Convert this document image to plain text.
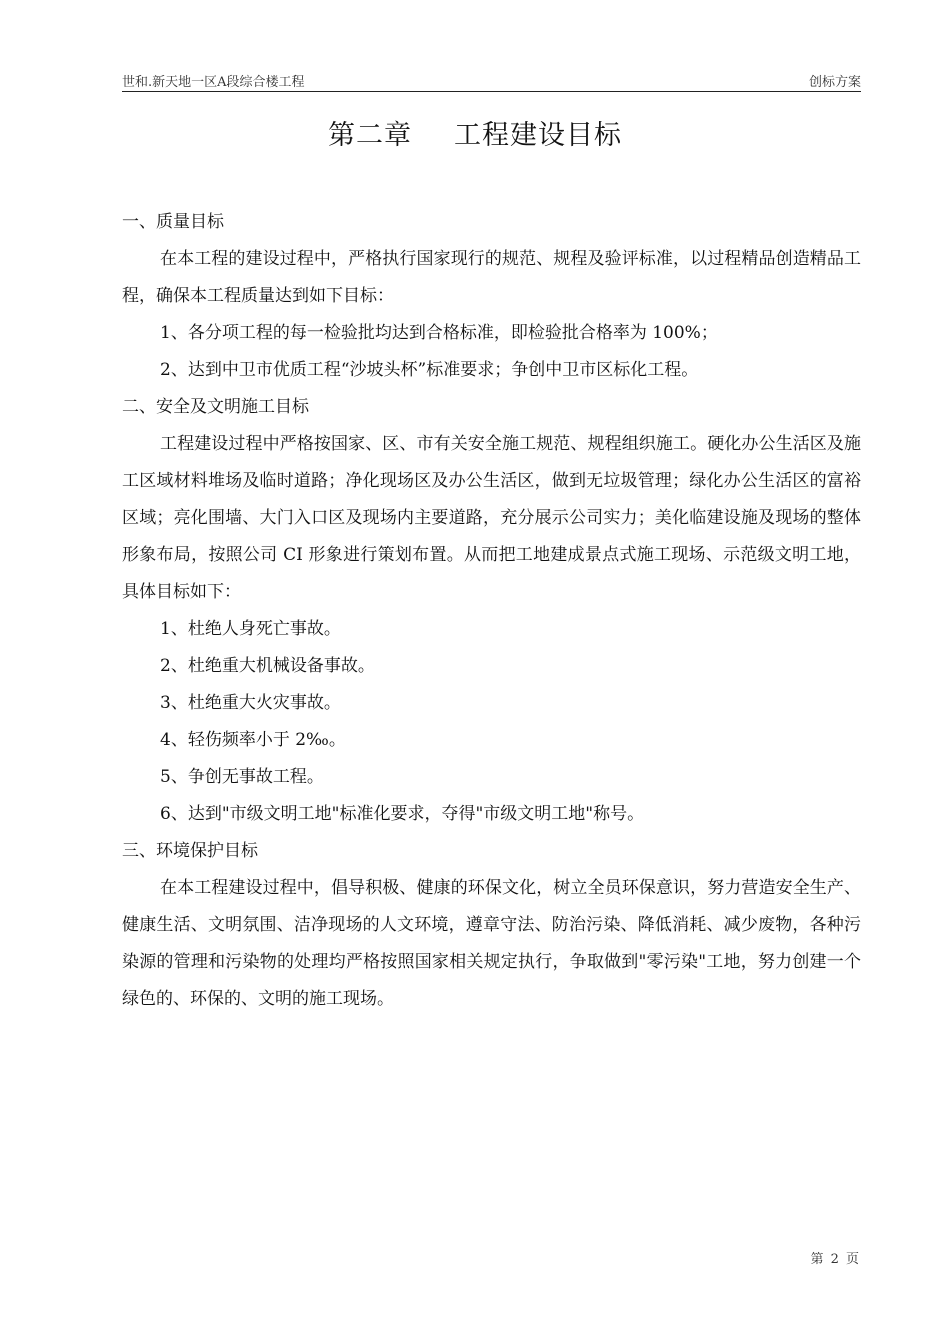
世和.新天地一区A段综合楼工程	创标方案
第二章 工程建设目标

一、质量目标

在本工程的建设过程中，严格执行国家现行的规范、规程及验评标准，以过程精品创造精品工程，确保本工程质量达到如下目标：

1、各分项工程的每一检验批均达到合格标准，即检验批合格率为 100%；

2、达到中卫市优质工程“沙坡头杯”标准要求；争创中卫市区标化工程。

二、安全及文明施工目标

工程建设过程中严格按国家、区、市有关安全施工规范、规程组织施工。硬化办公生活区及施工区域材料堆场及临时道路；净化现场区及办公生活区，做到无垃圾管理；绿化办公生活区的富裕区域；亮化围墙、大门入口区及现场内主要道路，充分展示公司实力；美化临建设施及现场的整体形象布局，按照公司 CI 形象进行策划布置。从而把工地建成景点式施工现场、示范级文明工地，具体目标如下：

1、杜绝人身死亡事故。

2、杜绝重大机械设备事故。

3、杜绝重大火灾事故。

4、轻伤频率小于 2‰。

5、争创无事故工程。

6、达到"市级文明工地"标准化要求，夺得"市级文明工地"称号。

三、环境保护目标

在本工程建设过程中，倡导积极、健康的环保文化，树立全员环保意识，努力营造安全生产、健康生活、文明氛围、洁净现场的人文环境，遵章守法、防治污染、降低消耗、减少废物，各种污染源的管理和污染物的处理均严格按照国家相关规定执行，争取做到"零污染"工地，努力创建一个绿色的、环保的、文明的施工现场。

第 2 页
